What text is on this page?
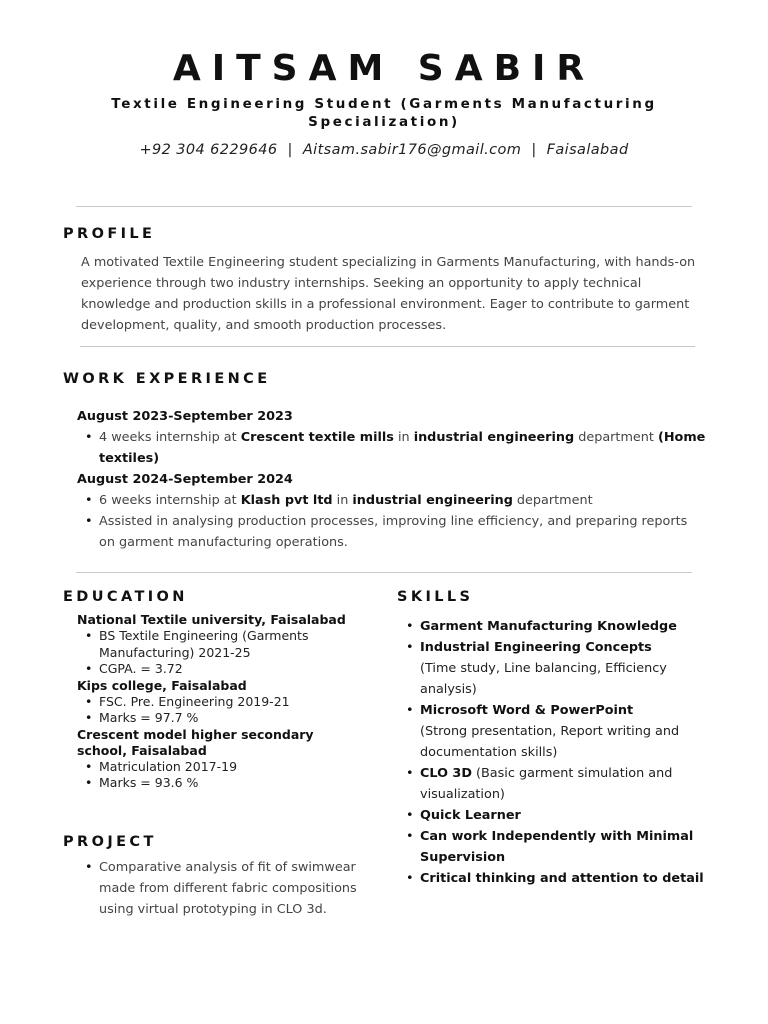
AITSAM SABIR
Textile Engineering Student (Garments Manufacturing Specialization)
+92 304 6229646  |  Aitsam.sabir176@gmail.com  |  Faisalabad
PROFILE
A motivated Textile Engineering student specializing in Garments Manufacturing, with hands-on experience through two industry internships. Seeking an opportunity to apply technical knowledge and production skills in a professional environment. Eager to contribute to garment development, quality, and smooth production processes.
WORK EXPERIENCE
August 2023-September 2023
• 4 weeks internship at Crescent textile mills in industrial engineering department (Home textiles)
August 2024-September 2024
• 6 weeks internship at Klash pvt ltd in industrial engineering department
• Assisted in analysing production processes, improving line efficiency, and preparing reports on garment manufacturing operations.
EDUCATION
National Textile university, Faisalabad
• BS Textile Engineering (Garments Manufacturing) 2021-25
• CGPA. = 3.72
Kips college, Faisalabad
• FSC. Pre. Engineering 2019-21
• Marks = 97.7 %
Crescent model higher secondary school, Faisalabad
• Matriculation 2017-19
• Marks = 93.6 %
PROJECT
• Comparative analysis of fit of swimwear made from different fabric compositions using virtual prototyping in CLO 3d.
SKILLS
• Garment Manufacturing Knowledge
• Industrial Engineering Concepts
(Time study, Line balancing, Efficiency analysis)
• Microsoft Word & PowerPoint
(Strong presentation, Report writing and documentation skills)
• CLO 3D (Basic garment simulation and visualization)
• Quick Learner
• Can work Independently with Minimal Supervision
• Critical thinking and attention to detail
